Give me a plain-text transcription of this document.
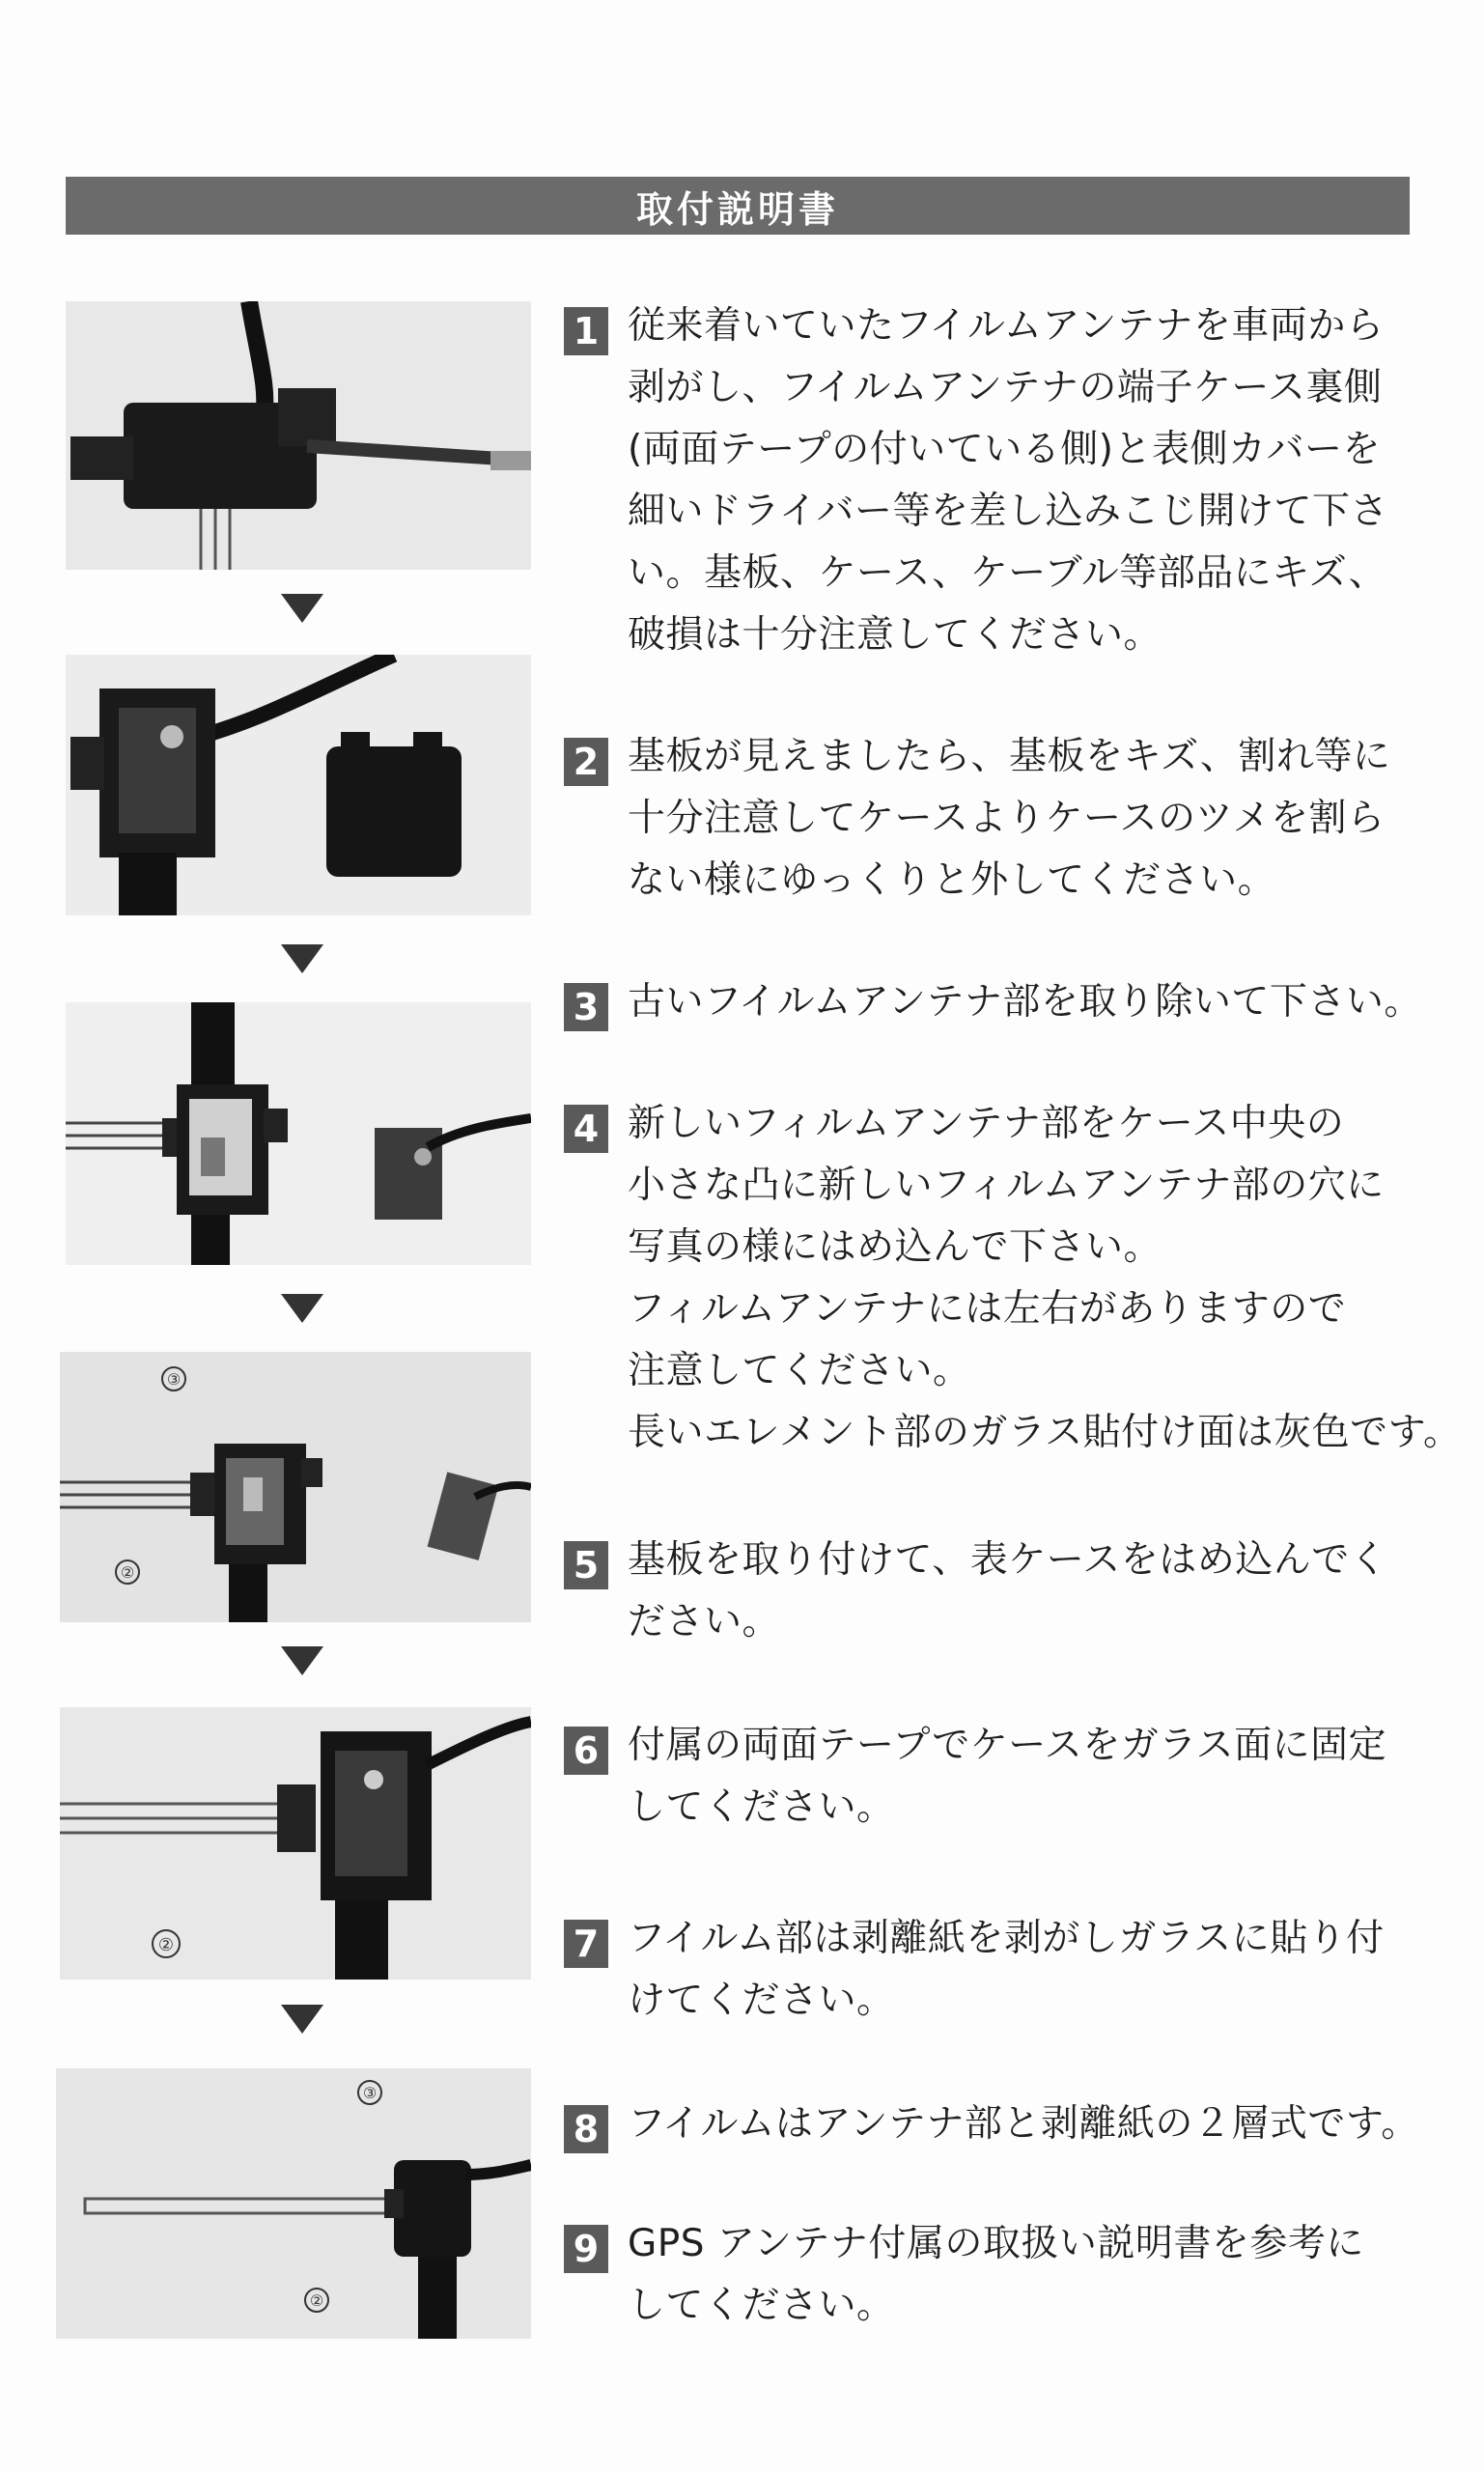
取付説明書
③
②
②
③
②
1 従来着いていたフイルムアンテナを車両から
剥がし、フイルムアンテナの端子ケース裏側
(両面テープの付いている側)と表側カバーを
細いドライバー等を差し込みこじ開けて下さ
い。基板、ケース、ケーブル等部品にキズ、
破損は十分注意してください。
2 基板が見えましたら、基板をキズ、割れ等に
十分注意してケースよりケースのツメを割ら
ない様にゆっくりと外してください。
3 古いフイルムアンテナ部を取り除いて下さい。
4 新しいフィルムアンテナ部をケース中央の
小さな凸に新しいフィルムアンテナ部の穴に
写真の様にはめ込んで下さい。
フィルムアンテナには左右がありますので
注意してください。
長いエレメント部のガラス貼付け面は灰色です。
5 基板を取り付けて、表ケースをはめ込んでく
ださい。
6 付属の両面テープでケースをガラス面に固定
してください。
7 フイルム部は剥離紙を剥がしガラスに貼り付
けてください。
8 フイルムはアンテナ部と剥離紙の２層式です。
9 GPS アンテナ付属の取扱い説明書を参考に
してください。
